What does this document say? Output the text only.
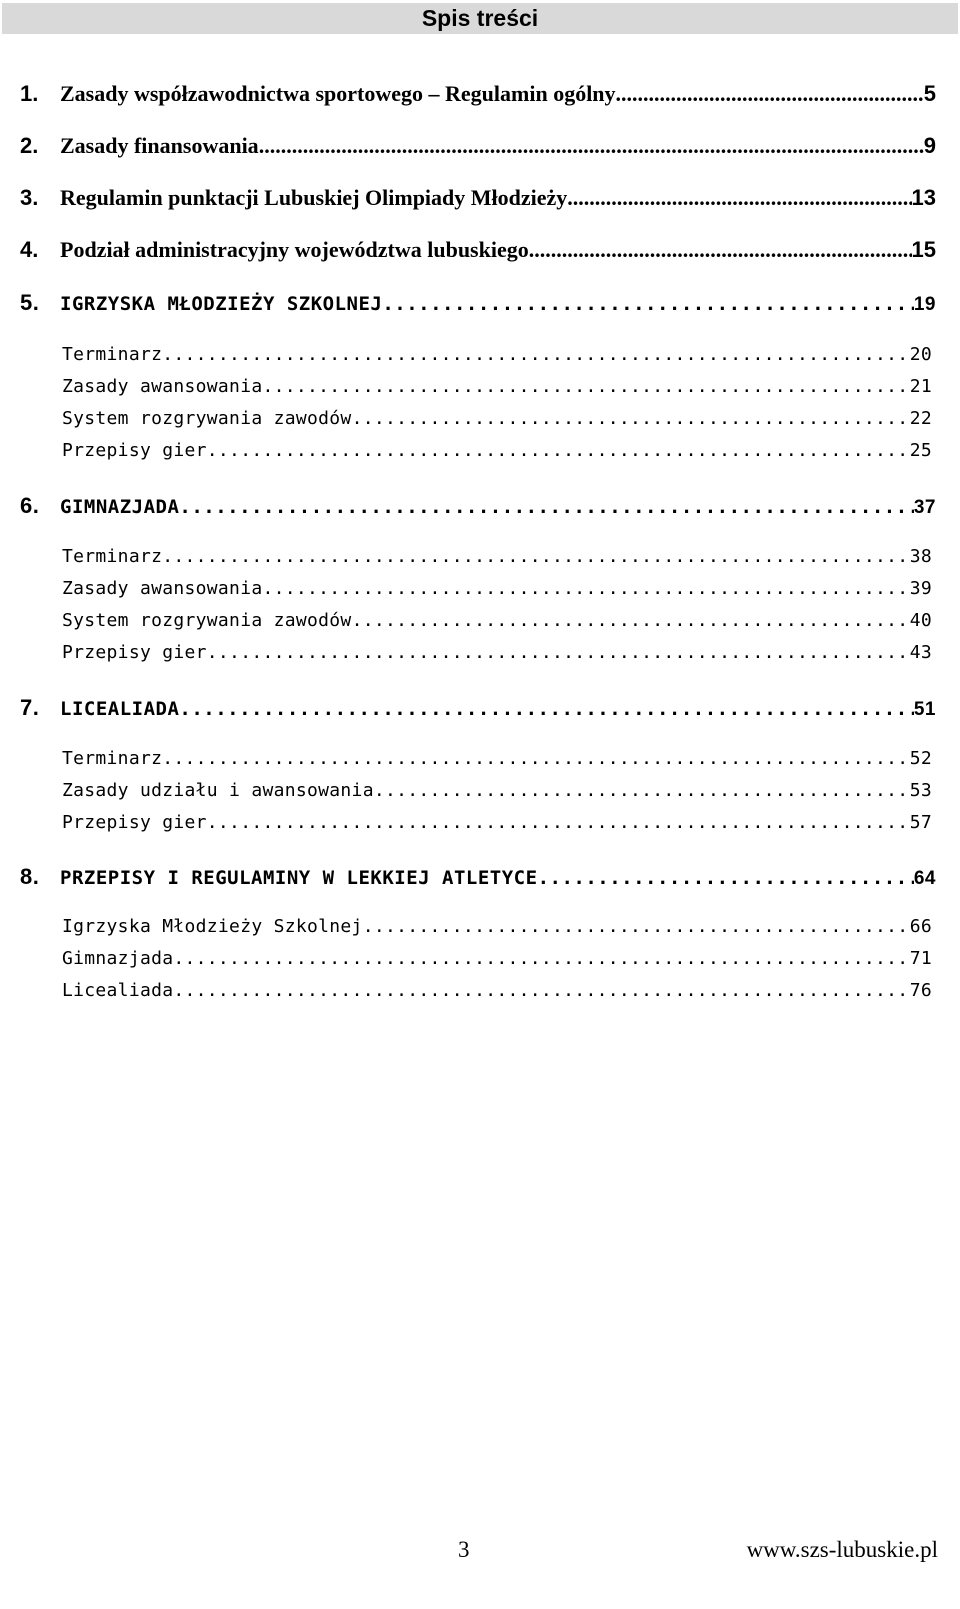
Spis treści
1. Zasady współzawodnictwa sportowego – Regulamin ogólny .....	5
2. Zasady finansowania .....	9
3. Regulamin punktacji Lubuskiej Olimpiady Młodzieży .....	13
4. Podział administracyjny województwa lubuskiego .....	15
5.	IGRZYSKA MŁODZIEŻY SZKOLNEJ .....	19
Terminarz .....	20
Zasady awansowania .....	21
System rozgrywania zawodów .....	22
Przepisy gier .....	25
6.	GIMNAZJADA .....	37
Terminarz .....	38
Zasady awansowania .....	39
System rozgrywania zawodów .....	40
Przepisy gier .....	43
7.	LICEALIADA .....	51
Terminarz .....	52
Zasady udziału i awansowania .....	53
Przepisy gier .....	57
8.	PRZEPISY I REGULAMINY W LEKKIEJ ATLETYCE .....	64
Igrzyska Młodzieży Szkolnej .....	66
Gimnazjada .....	71
Licealiada .....	76
3	www.szs-lubuskie.pl
